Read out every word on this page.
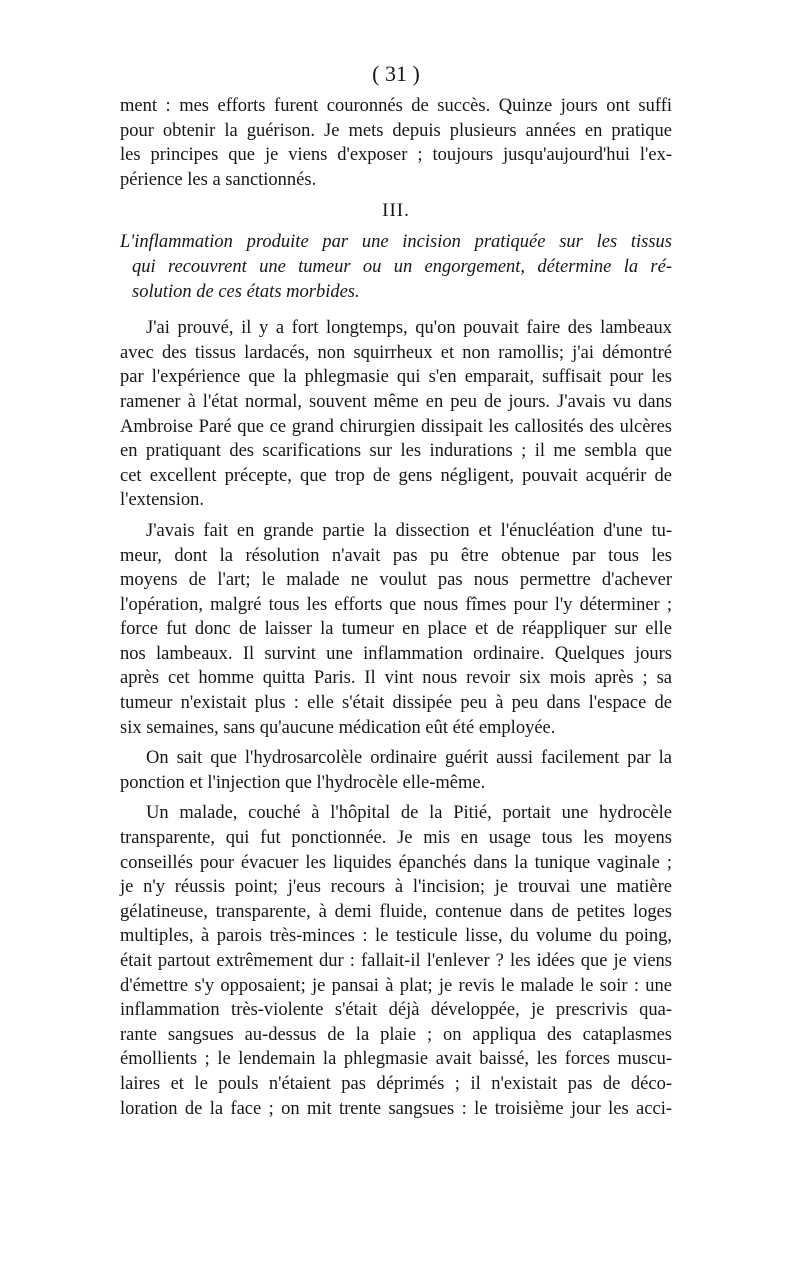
( 31 )
ment : mes efforts furent couronnés de succès. Quinze jours ont suffi
pour obtenir la guérison. Je mets depuis plusieurs années en pratique
les principes que je viens d'exposer ; toujours jusqu'aujourd'hui l'ex-
périence les a sanctionnés.
III.
L'inflammation produite par une incision pratiquée sur les tissus
qui recouvrent une tumeur ou un engorgement, détermine la ré-
solution de ces états morbides.
J'ai prouvé, il y a fort longtemps, qu'on pouvait faire des lambeaux
avec des tissus lardacés, non squirrheux et non ramollis; j'ai démontré
par l'expérience que la phlegmasie qui s'en emparait, suffisait pour les
ramener à l'état normal, souvent même en peu de jours. J'avais vu dans
Ambroise Paré que ce grand chirurgien dissipait les callosités des ulcères
en pratiquant des scarifications sur les indurations ; il me sembla que
cet excellent précepte, que trop de gens négligent, pouvait acquérir de
l'extension.
J'avais fait en grande partie la dissection et l'énucléation d'une tu-
meur, dont la résolution n'avait pas pu être obtenue par tous les
moyens de l'art; le malade ne voulut pas nous permettre d'achever
l'opération, malgré tous les efforts que nous fîmes pour l'y déterminer ;
force fut donc de laisser la tumeur en place et de réappliquer sur elle
nos lambeaux. Il survint une inflammation ordinaire. Quelques jours
après cet homme quitta Paris. Il vint nous revoir six mois après ; sa
tumeur n'existait plus : elle s'était dissipée peu à peu dans l'espace de
six semaines, sans qu'aucune médication eût été employée.
On sait que l'hydrosarcolèle ordinaire guérit aussi facilement par la
ponction et l'injection que l'hydrocèle elle-même.
Un malade, couché à l'hôpital de la Pitié, portait une hydrocèle
transparente, qui fut ponctionnée. Je mis en usage tous les moyens
conseillés pour évacuer les liquides épanchés dans la tunique vaginale ;
je n'y réussis point; j'eus recours à l'incision; je trouvai une matière
gélatineuse, transparente, à demi fluide, contenue dans de petites loges
multiples, à parois très-minces : le testicule lisse, du volume du poing,
était partout extrêmement dur : fallait-il l'enlever ? les idées que je viens
d'émettre s'y opposaient; je pansai à plat; je revis le malade le soir : une
inflammation très-violente s'était déjà développée, je prescrivis qua-
rante sangsues au-dessus de la plaie ; on appliqua des cataplasmes
émollients ; le lendemain la phlegmasie avait baissé, les forces muscu-
laires et le pouls n'étaient pas déprimés ; il n'existait pas de déco-
loration de la face ; on mit trente sangsues : le troisième jour les acci-
